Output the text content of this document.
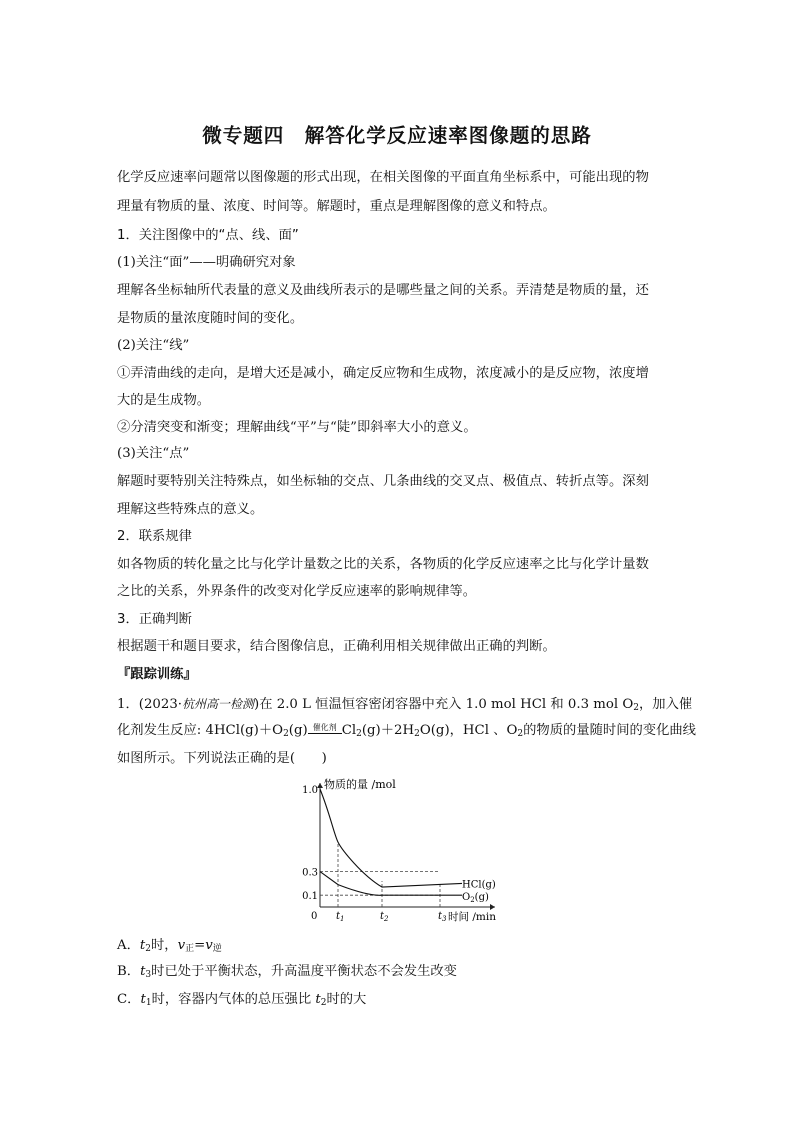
微专题四　解答化学反应速率图像题的思路
化学反应速率问题常以图像题的形式出现，在相关图像的平面直角坐标系中，可能出现的物
理量有物质的量、浓度、时间等。解题时，重点是理解图像的意义和特点。
1．关注图像中的“点、线、面”
(1)关注“面”——明确研究对象
理解各坐标轴所代表量的意义及曲线所表示的是哪些量之间的关系。弄清楚是物质的量，还
是物质的量浓度随时间的变化。
(2)关注“线”
①弄清曲线的走向，是增大还是减小，确定反应物和生成物，浓度减小的是反应物，浓度增
大的是生成物。
②分清突变和渐变；理解曲线“平”与“陡”即斜率大小的意义。
(3)关注“点”
解题时要特别关注特殊点，如坐标轴的交点、几条曲线的交叉点、极值点、转折点等。深刻
理解这些特殊点的意义。
2．联系规律
如各物质的转化量之比与化学计量数之比的关系，各物质的化学反应速率之比与化学计量数
之比的关系，外界条件的改变对化学反应速率的影响规律等。
3．正确判断
根据题干和题目要求，结合图像信息，正确利用相关规律做出正确的判断。
『跟踪训练』
1．(2023·杭州高一检测)在 2.0 L 恒温恒容密闭容器中充入 1.0 mol HCl 和 0.3 mol $O_2$，加入催
化剂发生反应: $4HCl(g)+O_2(g)$ 催化剂 $Cl_2(g)+2H_2O(g)$，HCl 、$O_2$的物质的量随时间的变化曲线
如图所示。下列说法正确的是(　　)
物质的量 /mol
时间 /min
0
1.0
0.3
0.1
$t_1$	$t_2$	$t_3$
HCl(g)
$O_2(g)$
A．$t_2$时，$v_正=v_逆$
B．$t_3$时已处于平衡状态，升高温度平衡状态不会发生改变
C．$t_1$时，容器内气体的总压强比 $t_2$时的大
